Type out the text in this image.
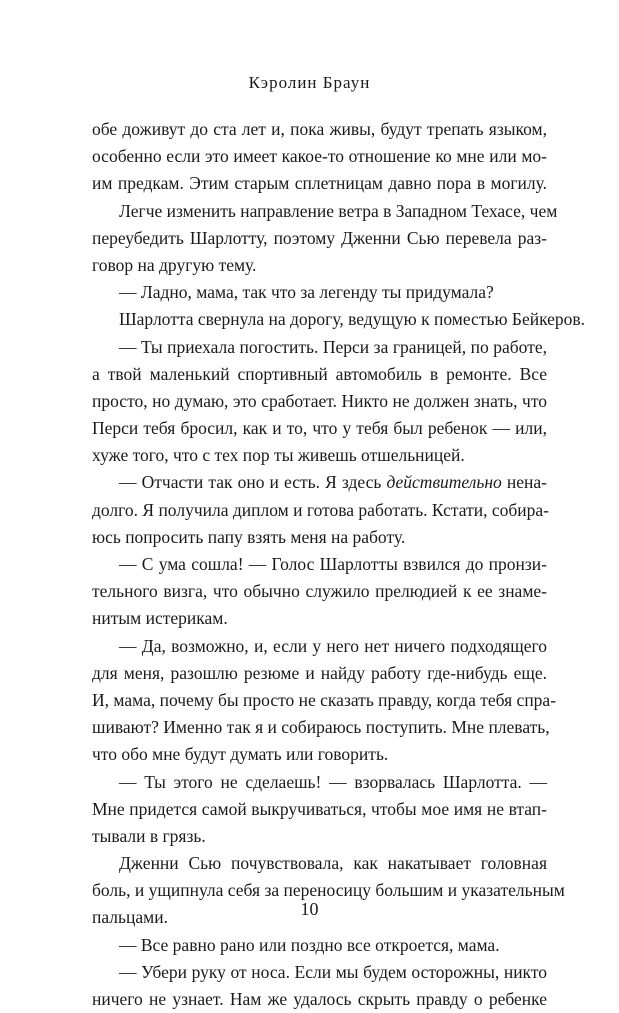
Кэролин Браун
обе доживут до ста лет и, пока живы, будут трепать языком,
особенно если это имеет какое-то отношение ко мне или мо-
им предкам. Этим старым сплетницам давно пора в могилу.
Легче изменить направление ветра в Западном Техасе, чем
переубедить Шарлотту, поэтому Дженни Сью перевела раз-
говор на другую тему.
— Ладно, мама, так что за легенду ты придумала?
Шарлотта свернула на дорогу, ведущую к поместью Бейкеров.
— Ты приехала погостить. Перси за границей, по работе,
а твой маленький спортивный автомобиль в ремонте. Все
просто, но думаю, это сработает. Никто не должен знать, что
Перси тебя бросил, как и то, что у тебя был ребенок — или,
хуже того, что с тех пор ты живешь отшельницей.
— Отчасти так оно и есть. Я здесь действительно нена-
долго. Я получила диплом и готова работать. Кстати, собира-
юсь попросить папу взять меня на работу.
— С ума сошла! — Голос Шарлотты взвился до пронзи-
тельного визга, что обычно служило прелюдией к ее знаме-
нитым истерикам.
— Да, возможно, и, если у него нет ничего подходящего
для меня, разошлю резюме и найду работу где-нибудь еще.
И, мама, почему бы просто не сказать правду, когда тебя спра-
шивают? Именно так я и собираюсь поступить. Мне плевать,
что обо мне будут думать или говорить.
— Ты этого не сделаешь! — взорвалась Шарлотта. —
Мне придется самой выкручиваться, чтобы мое имя не втап-
тывали в грязь.
Дженни Сью почувствовала, как накатывает головная
боль, и ущипнула себя за переносицу большим и указательным
пальцами.
— Все равно рано или поздно все откроется, мама.
— Убери руку от носа. Если мы будем осторожны, никто
ничего не узнает. Нам же удалось скрыть правду о ребенке
10
